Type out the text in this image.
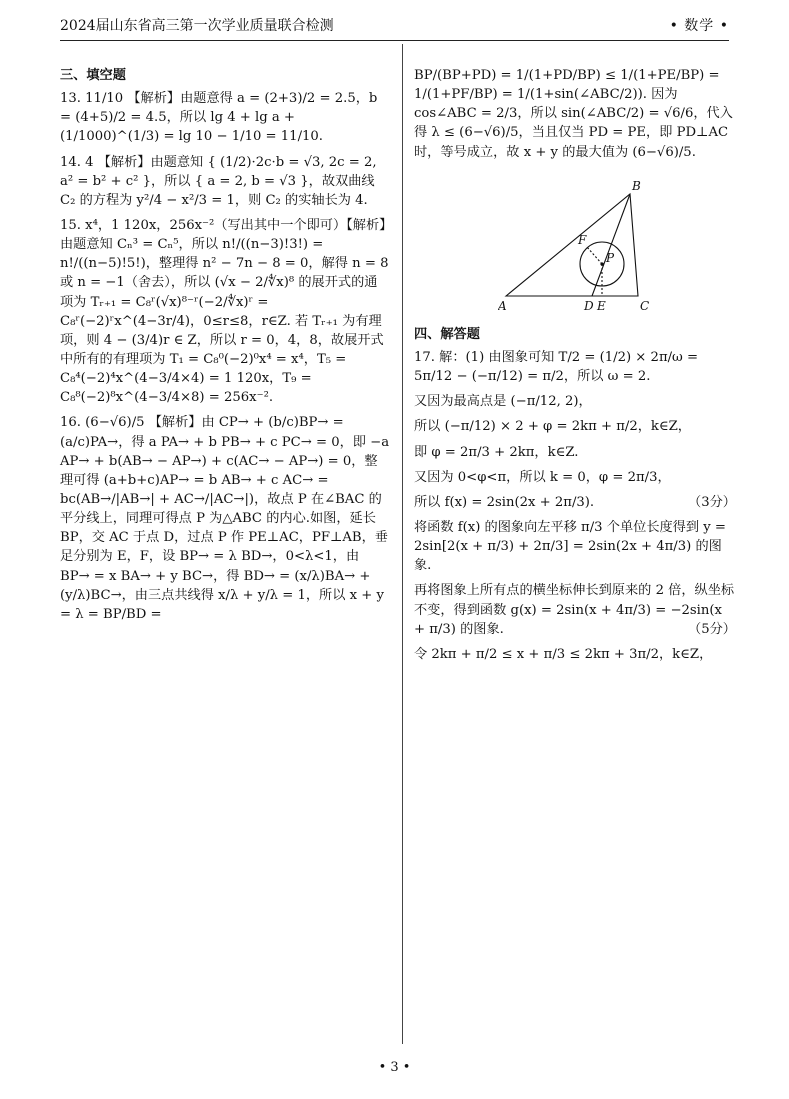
2024届山东省高三第一次学业质量联合检测	• 数学 •
三、填空题
13. 11/10 【解析】由题意得 a = (2+3)/2 = 2.5，b = (4+5)/2 = 4.5，所以 lg 4 + lg a + (1/1000)^(1/3) = lg 10 − 1/10 = 11/10.
14. 4 【解析】由题意知 { (1/2)·2c·b = √3, 2c = 2, a² = b² + c² }，所以 { a = 2, b = √3 }，故双曲线 C₂ 的方程为 y²/4 − x²/3 = 1，则 C₂ 的实轴长为 4.
15. x⁴，1 120x，256x⁻²（写出其中一个即可）【解析】由题意知 Cₙ³ = Cₙ⁵，所以 n!/((n−3)!3!) = n!/((n−5)!5!)，整理得 n² − 7n − 8 = 0，解得 n = 8 或 n = −1（舍去），所以 (√x − 2/∜x)⁸ 的展开式的通项为 Tᵣ₊₁ = C₈ʳ(√x)⁸⁻ʳ(−2/∜x)ʳ = C₈ʳ(−2)ʳx^(4−3r/4)，0≤r≤8，r∈Z. 若 Tᵣ₊₁ 为有理项，则 4 − (3/4)r ∈ Z，所以 r = 0，4，8，故展开式中所有的有理项为 T₁ = C₈⁰(−2)⁰x⁴ = x⁴，T₅ = C₈⁴(−2)⁴x^(4−3/4×4) = 1 120x，T₉ = C₈⁸(−2)⁸x^(4−3/4×8) = 256x⁻².
16. (6−√6)/5 【解析】由 CP→ + (b/c)BP→ = (a/c)PA→，得 a PA→ + b PB→ + c PC→ = 0，即 −a AP→ + b(AB→ − AP→) + c(AC→ − AP→) = 0，整理可得 (a+b+c)AP→ = b AB→ + c AC→ = bc(AB→/|AB→| + AC→/|AC→|)，故点 P 在∠BAC 的平分线上，同理可得点 P 为△ABC 的内心.如图，延长 BP，交 AC 于点 D，过点 P 作 PE⊥AC，PF⊥AB，垂足分别为 E，F，设 BP→ = λ BD→，0<λ<1，由 BP→ = x BA→ + y BC→，得 BD→ = (x/λ)BA→ + (y/λ)BC→，由三点共线得 x/λ + y/λ = 1，所以 x + y = λ = BP/BD =
BP/(BP+PD) = 1/(1+PD/BP) ≤ 1/(1+PE/BP) = 1/(1+PF/BP) = 1/(1+sin(∠ABC/2)). 因为 cos∠ABC = 2/3，所以 sin(∠ABC/2) = √6/6，代入得 λ ≤ (6−√6)/5，当且仅当 PD = PE，即 PD⊥AC 时，等号成立，故 x + y 的最大值为 (6−√6)/5.
A
B
C
D E
F
P
四、解答题
17. 解：(1) 由图象可知 T/2 = (1/2) × 2π/ω = 5π/12 − (−π/12) = π/2，所以 ω = 2.
又因为最高点是 (−π/12, 2)，
所以 (−π/12) × 2 + φ = 2kπ + π/2，k∈Z，
即 φ = 2π/3 + 2kπ，k∈Z.
又因为 0<φ<π，所以 k = 0，φ = 2π/3，
所以 f(x) = 2sin(2x + 2π/3).	（3分）
将函数 f(x) 的图象向左平移 π/3 个单位长度得到 y = 2sin[2(x + π/3) + 2π/3] = 2sin(2x + 4π/3) 的图象.
再将图象上所有点的横坐标伸长到原来的 2 倍，纵坐标不变，得到函数 g(x) = 2sin(x + 4π/3) = −2sin(x + π/3) 的图象.	（5分）
令 2kπ + π/2 ≤ x + π/3 ≤ 2kπ + 3π/2，k∈Z，
• 3 •
